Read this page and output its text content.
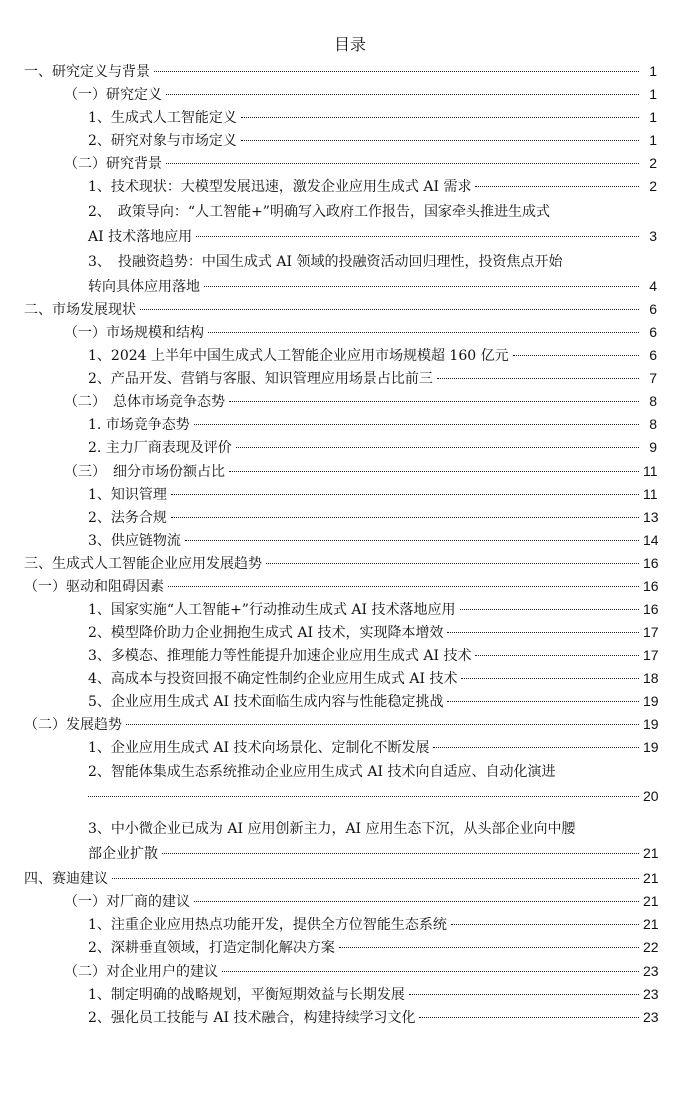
目录
一、研究定义与背景	1
（一）研究定义	1
1、生成式人工智能定义	1
2、研究对象与市场定义	1
（二）研究背景	2
1、技术现状：大模型发展迅速，激发企业应用生成式 AI 需求	2
2、　政策导向：“人工智能+”明确写入政府工作报告，国家牵头推进生成式
AI 技术落地应用	3
3、　投融资趋势：中国生成式 AI 领域的投融资活动回归理性，投资焦点开始
转向具体应用落地	4
二、市场发展现状	6
（一）市场规模和结构	6
1、2024 上半年中国生成式人工智能企业应用市场规模超 160 亿元	6
2、产品开发、营销与客服、知识管理应用场景占比前三	7
（二）　总体市场竞争态势	8
1. 市场竞争态势	8
2. 主力厂商表现及评价	9
（三）　细分市场份额占比	11
1、知识管理	11
2、法务合规	13
3、供应链物流	14
三、生成式人工智能企业应用发展趋势	16
（一）驱动和阻碍因素	16
1、国家实施“人工智能+”行动推动生成式 AI 技术落地应用	16
2、模型降价助力企业拥抱生成式 AI 技术，实现降本增效	17
3、多模态、推理能力等性能提升加速企业应用生成式 AI 技术	17
4、高成本与投资回报不确定性制约企业应用生成式 AI 技术	18
5、企业应用生成式 AI 技术面临生成内容与性能稳定挑战	19
（二）发展趋势	19
1、企业应用生成式 AI 技术向场景化、定制化不断发展	19
2、智能体集成生态系统推动企业应用生成式 AI 技术向自适应、自动化演进
20
3、中小微企业已成为 AI 应用创新主力，AI 应用生态下沉，从头部企业向中腰
部企业扩散	21
四、赛迪建议	21
（一）对厂商的建议	21
1、注重企业应用热点功能开发，提供全方位智能生态系统	21
2、深耕垂直领域，打造定制化解决方案	22
（二）对企业用户的建议	23
1、制定明确的战略规划，平衡短期效益与长期发展	23
2、强化员工技能与 AI 技术融合，构建持续学习文化	23
